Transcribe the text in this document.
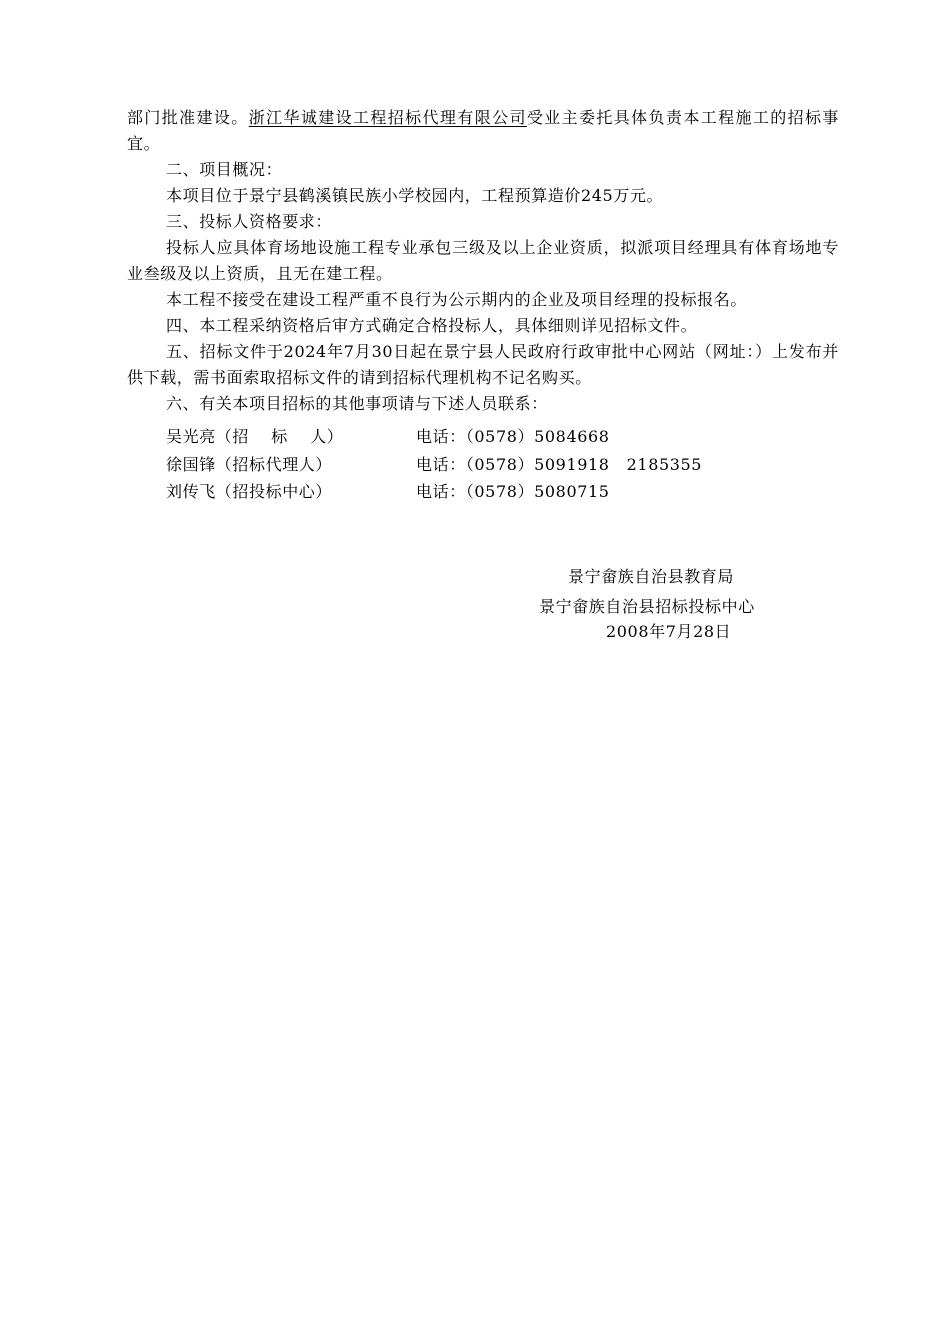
部门批准建设。浙江华诚建设工程招标代理有限公司受业主委托具体负责本工程施工的招标事宜。

二、项目概况：

本项目位于景宁县鹤溪镇民族小学校园内，工程预算造价245万元。

三、投标人资格要求：

投标人应具体育场地设施工程专业承包三级及以上企业资质，拟派项目经理具有体育场地专业叁级及以上资质，且无在建工程。

本工程不接受在建设工程严重不良行为公示期内的企业及项目经理的投标报名。

四、本工程采纳资格后审方式确定合格投标人，具体细则详见招标文件。

五、招标文件于2024年7月30日起在景宁县人民政府行政审批中心网站（网址：）上发布并供下载，需书面索取招标文件的请到招标代理机构不记名购买。

六、有关本项目招标的其他事项请与下述人员联系：

吴光亮（招　 标　 人）	电话：（0578）5084668
徐国锋（招标代理人）	电话：（0578）5091918   2185355
刘传飞（招投标中心）	电话：（0578）5080715
景宁畲族自治县教育局
景宁畲族自治县招标投标中心
2008年7月28日
